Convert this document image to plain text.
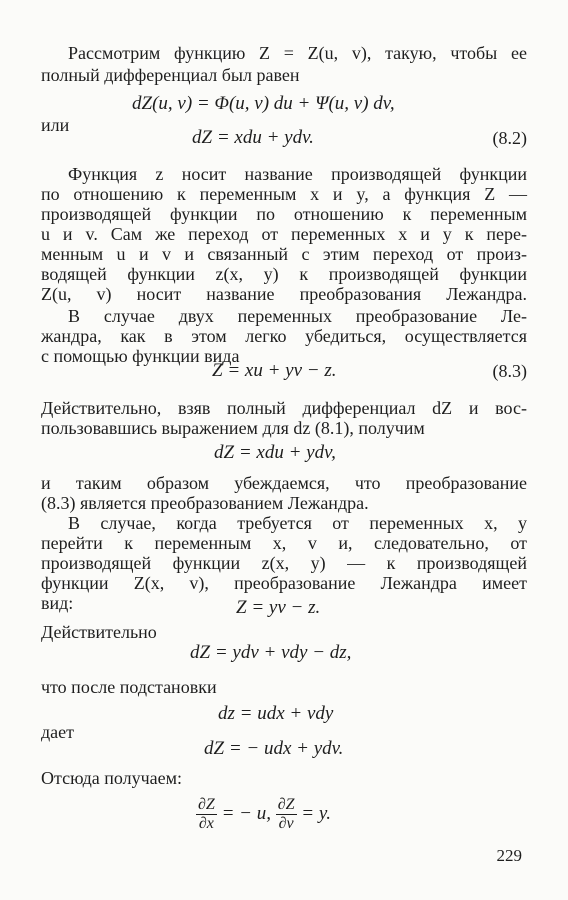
Рассмотрим функцию Z = Z(u, v), такую, чтобы ее
полный дифференциал был равен
dZ(u, v) = Φ(u, v) du + Ψ(u, v) dv,
или
dZ = xdu + ydv.	(8.2)
Функция z носит название производящей функции
по отношению к переменным x и y, а функция Z —
производящей функции по отношению к переменным
u и v. Сам же переход от переменных x и y к пере-
менным u и v и связанный с этим переход от произ-
водящей функции z(x, y) к производящей функции
Z(u, v) носит название преобразования Лежандра.
В случае двух переменных преобразование Ле-
жандра, как в этом легко убедиться, осуществляется
с помощью функции вида
Z = xu + yv − z.	(8.3)
Действительно, взяв полный дифференциал dZ и вос-
пользовавшись выражением для dz (8.1), получим
dZ = xdu + ydv,
и таким образом убеждаемся, что преобразование
(8.3) является преобразованием Лежандра.
В случае, когда требуется от переменных x, y
перейти к переменным x, v и, следовательно, от
производящей функции z(x, y) — к производящей
функции Z(x, v), преобразование Лежандра имеет
вид:	Z = yv − z.
Действительно
dZ = ydv + vdy − dz,
что после подстановки
dz = udx + vdy
дает
dZ = − udx + ydv.
Отсюда получаем:
$\frac{\partial Z}{\partial x}$ = − u, $\frac{\partial Z}{\partial v} = y$.
229
